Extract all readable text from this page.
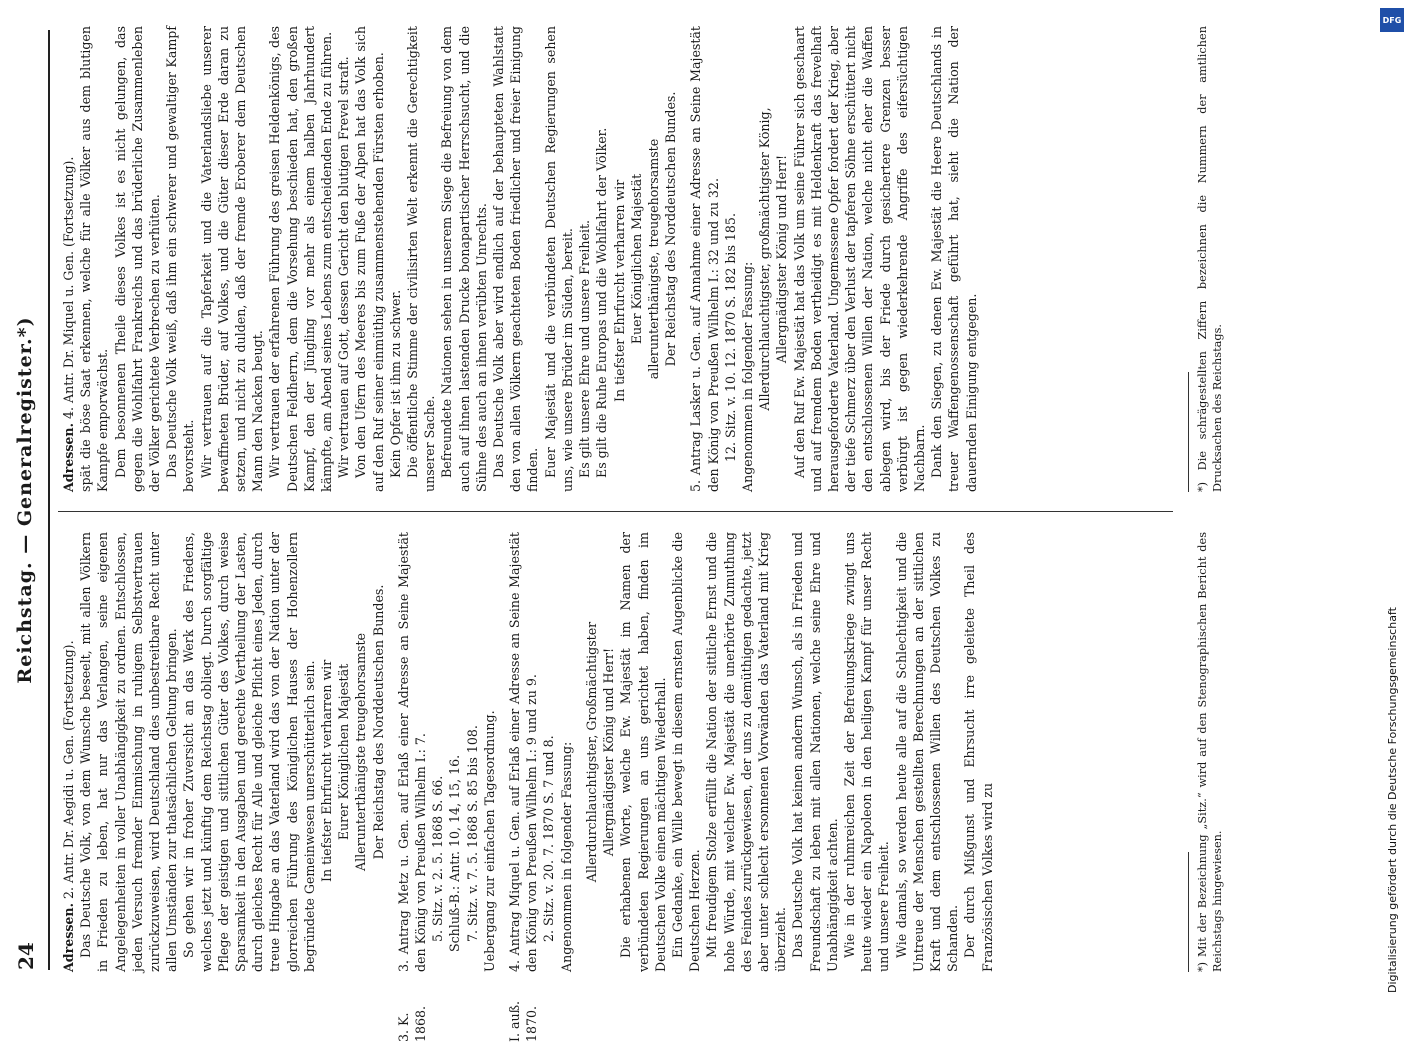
24
Reichstag. — Generalregister.*)

Adressen. 2. Antr. Dr. Aegidi u. Gen. (Fortsetzung). Das Deutsche Volk, von dem Wunsche beseelt, mit allen Völkern in Frieden zu leben, hat nur das Verlangen, seine eigenen Angelegenheiten in voller Unabhängigkeit zu ordnen. Entschlossen, jeden Versuch fremder Einmischung in ruhigem Selbstvertrauen zurückzuweisen, wird Deutschland dies unbestreitbare Recht unter allen Umständen zur thatsächlichen Geltung bringen. So gehen wir in froher Zuversicht an das Werk des Friedens, welches jetzt und künftig dem Reichstag obliegt. Durch sorgfältige Pflege der geistigen und sittlichen Güter des Volkes, durch weise Sparsamkeit in den Ausgaben und gerechte Vertheilung der Lasten, durch gleiches Recht für Alle und gleiche Pflicht eines Jeden, durch treue Hingabe an das Vaterland wird das von der Nation unter der glorreichen Führung des Königlichen Hauses der Hohenzollern begründete Gemeinwesen unerschütterlich sein. In tiefster Ehrfurcht verharren wir Eurer Königlichen Majestät Allerunterthänigste treugehorsamste Der Reichstag des Norddeutschen Bundes.

3. K. 1868.

3. Antrag Metz u. Gen. auf Erlaß einer Adresse an Seine Majestät den König von Preußen Wilhelm I.: 7. 5. Sitz. v. 2. 5. 1868 S. 66. Schluß-B.: Antr. 10, 14, 15, 16. 7. Sitz. v. 7. 5. 1868 S. 85 bis 108. Uebergang zur einfachen Tagesordnung.

I. auß. 1870.

4. Antrag Miquel u. Gen. auf Erlaß einer Adresse an Seine Majestät den König von Preußen Wilhelm I.: 9 und zu 9. 2. Sitz. v. 20. 7. 1870 S. 7 und 8. Angenommen in folgender Fassung: Allerdurchlauchtigster, Großmächtigster Allergnädigster König und Herr! Die erhabenen Worte, welche Ew. Majestät im Namen der verbündeten Regierungen an uns gerichtet haben, finden im Deutschen Volke einen mächtigen Wiederhall. Ein Gedanke, ein Wille bewegt in diesem ernsten Augenblicke die Deutschen Herzen. Mit freudigem Stolze erfüllt die Nation der sittliche Ernst und die hohe Würde, mit welcher Ew. Majestät die unerhörte Zumuthung des Feindes zurückgewiesen, der uns zu demüthigen gedachte, jetzt aber unter schlecht ersonnenen Vorwänden das Vaterland mit Krieg überzieht. Das Deutsche Volk hat keinen andern Wunsch, als in Frieden und Freundschaft zu leben mit allen Nationen, welche seine Ehre und Unabhängigkeit achten. Wie in der ruhmreichen Zeit der Befreiungskriege zwingt uns heute wieder ein Napoleon in den heiligen Kampf für unser Recht und unsere Freiheit. Wie damals, so werden heute alle auf die Schlechtigkeit und die Untreue der Menschen gestellten Berechnungen an der sittlichen Kraft und dem entschlossenen Willen des Deutschen Volkes zu Schanden. Der durch Mißgunst und Ehrsucht irre geleitete Theil des Französischen Volkes wird zu

Adressen. 4. Antr. Dr. Miquel u. Gen. (Fortsetzung). spät die böse Saat erkennen, welche für alle Völker aus dem blutigen Kampfe emporwächst. Dem besonnenen Theile dieses Volkes ist es nicht gelungen, das gegen die Wohlfahrt Frankreichs und das brüderliche Zusammenleben der Völker gerichtete Verbrechen zu verhüten. Das Deutsche Volk weiß, daß ihm ein schwerer und gewaltiger Kampf bevorsteht. Wir vertrauen auf die Tapferkeit und die Vaterlandsliebe unserer bewaffneten Brüder, auf Volkes, und die Güter dieser Erde daran zu setzen, und nicht zu dulden, daß der fremde Eroberer dem Deutschen Mann den Nacken beugt. Wir vertrauen der erfahrenen Führung des greisen Heldenkönigs, des Deutschen Feldherrn, dem die Vorsehung beschieden hat, den großen Kampf, den der Jüngling vor mehr als einem halben Jahrhundert kämpfte, am Abend seines Lebens zum entscheidenden Ende zu führen. Wir vertrauen auf Gott, dessen Gericht den blutigen Frevel straft. Von den Ufern des Meeres bis zum Fuße der Alpen hat das Volk sich auf den Ruf seiner einmüthig zusammenstehenden Fürsten erhoben. Kein Opfer ist ihm zu schwer. Die öffentliche Stimme der civilisirten Welt erkennt die Gerechtigkeit unserer Sache. Befreundete Nationen sehen in unserem Siege die Befreiung von dem auch auf ihnen lastenden Drucke bonapartischer Herrschsucht, und die Sühne des auch an ihnen verübten Unrechts. Das Deutsche Volk aber wird endlich auf der behaupteten Wahlstatt den von allen Völkern geachteten Boden friedlicher und freier Einigung finden. Euer Majestät und die verbündeten Deutschen Regierungen sehen uns, wie unsere Brüder im Süden, bereit. Es gilt unsere Ehre und unsere Freiheit. Es gilt die Ruhe Europas und die Wohlfahrt der Völker. In tiefster Ehrfurcht verharren wir Euer Königlichen Majestät allerunterthänigste, treugehorsamste Der Reichstag des Norddeutschen Bundes. 5. Antrag Lasker u. Gen. auf Annahme einer Adresse an Seine Majestät den König von Preußen Wilhelm I.: 32 und zu 32. 12. Sitz. v. 10. 12. 1870 S. 182 bis 185. Angenommen in folgender Fassung: Allerdurchlauchtigster, großmächtigster König, Allergnädigster König und Herr! Auf den Ruf Ew. Majestät hat das Volk um seine Führer sich geschaart und auf fremdem Boden vertheidigt es mit Heldenkraft das frevelhaft herausgeforderte Vaterland. Ungemessene Opfer fordert der Krieg, aber der tiefe Schmerz über den Verlust der tapferen Söhne erschüttert nicht den entschlossenen Willen der Nation, welche nicht eher die Waffen ablegen wird, bis der Friede durch gesichertere Grenzen besser verbürgt ist gegen wiederkehrende Angriffe des eifersüchtigen Nachbarn. Dank den Siegen, zu denen Ew. Majestät die Heere Deutschlands in treuer Waffengenossenschaft geführt hat, sieht die Nation der dauernden Einigung entgegen.

*) Mit der Bezeichnung „Sitz.“ wird auf den Stenographischen Bericht des Reichstags hingewiesen.

*) Die schrägestellten Ziffern bezeichnen die Nummern der amtlichen Drucksachen des Reichstags.

DFG
Digitalisierung gefördert durch die Deutsche Forschungsgemeinschaft
